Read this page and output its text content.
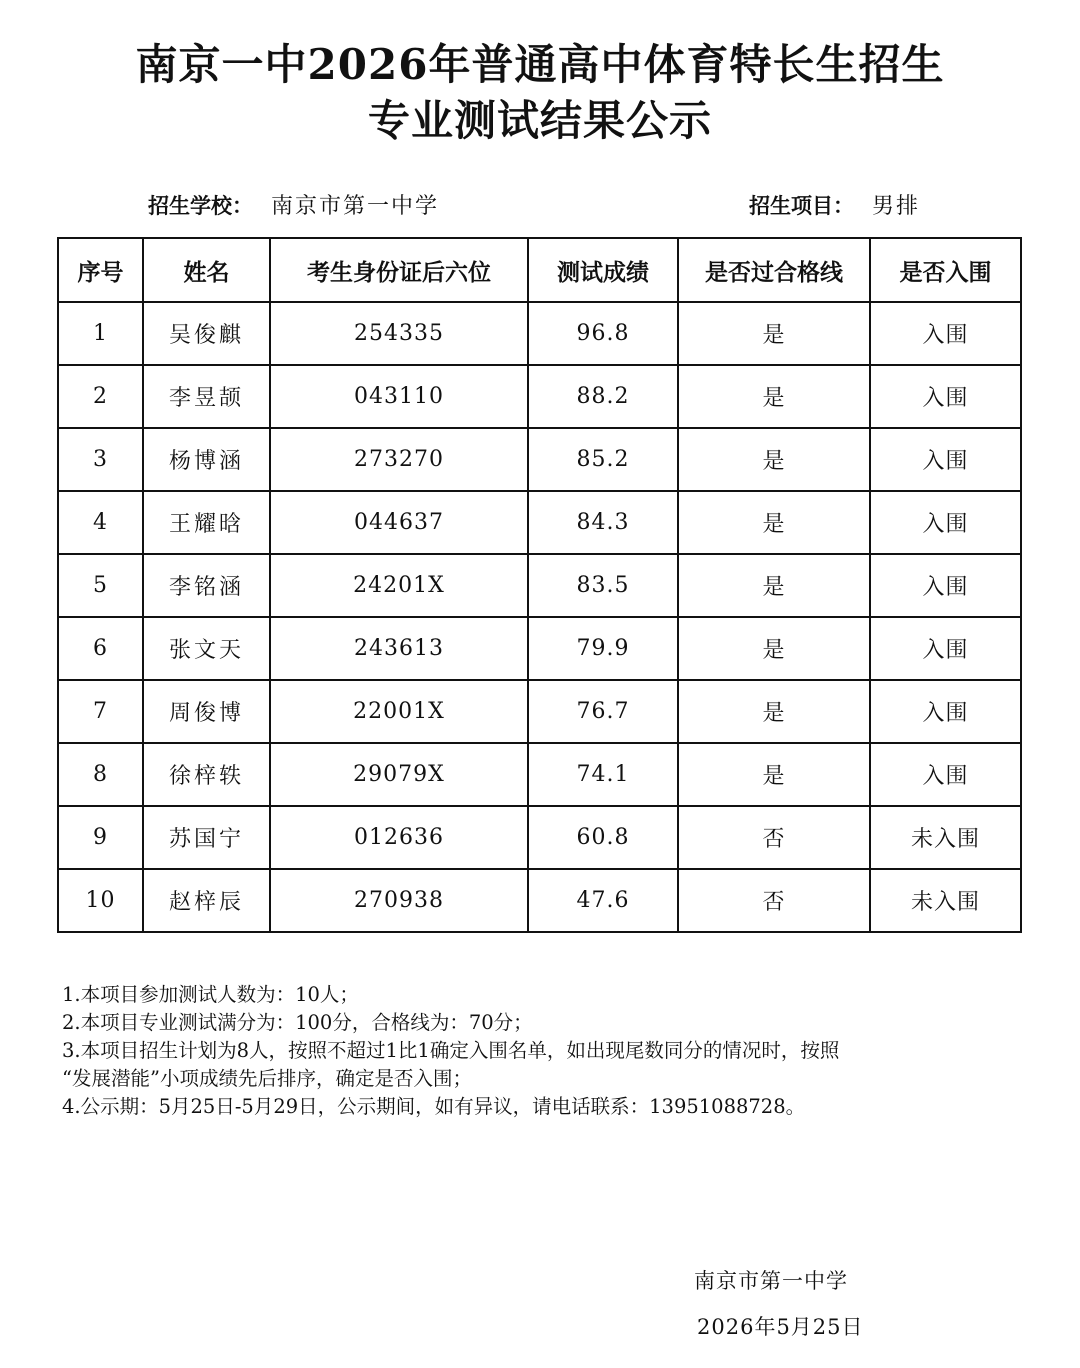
南京一中2026年普通高中体育特长生招生
专业测试结果公示
招生学校： 南京市第一中学	招生项目： 男排
序号	姓名	考生身份证后六位	测试成绩	是否过合格线	是否入围
1	吴俊麒	254335	96.8	是	入围
2	李昱颉	043110	88.2	是	入围
3	杨博涵	273270	85.2	是	入围
4	王耀晗	044637	84.3	是	入围
5	李铭涵	24201X	83.5	是	入围
6	张文天	243613	79.9	是	入围
7	周俊博	22001X	76.7	是	入围
8	徐梓轶	29079X	74.1	是	入围
9	苏国宁	012636	60.8	否	未入围
10	赵梓辰	270938	47.6	否	未入围
1.本项目参加测试人数为：10人；
2.本项目专业测试满分为：100分，合格线为：70分；
3.本项目招生计划为8人，按照不超过1比1确定入围名单，如出现尾数同分的情况时，按照
“发展潜能”小项成绩先后排序，确定是否入围；
4.公示期：5月25日-5月29日，公示期间，如有异议，请电话联系：13951088728。
南京市第一中学
2026年5月25日
